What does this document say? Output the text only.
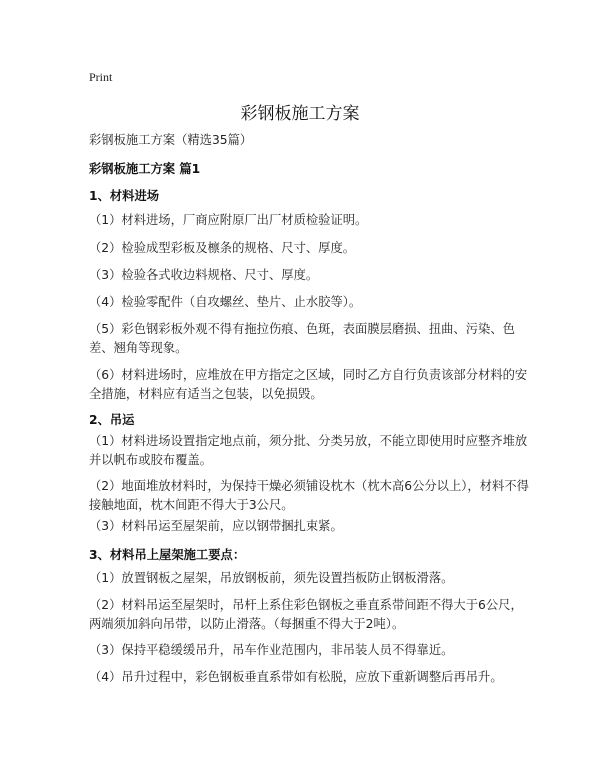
Print
彩钢板施工方案
彩钢板施工方案（精选35篇）
彩钢板施工方案 篇1
1、材料进场
（1）材料进场，厂商应附原厂出厂材质检验证明。
（2）检验成型彩板及檩条的规格、尺寸、厚度。
（3）检验各式收边料规格、尺寸、厚度。
（4）检验零配件（自攻螺丝、垫片、止水胶等）。
（5）彩色钢彩板外观不得有拖拉伤痕、色斑，表面膜层磨损、扭曲、污染、色差、翘角等现象。
（6）材料进场时，应堆放在甲方指定之区域，同时乙方自行负责该部分材料的安全措施，材料应有适当之包装，以免损毁。
2、吊运
（1）材料进场设置指定地点前，须分批、分类另放，不能立即使用时应整齐堆放并以帆布或胶布覆盖。
（2）地面堆放材料时，为保持干燥必须铺设枕木（枕木高6公分以上），材料不得接触地面，枕木间距不得大于3公尺。
（3）材料吊运至屋架前，应以钢带捆扎束紧。
3、材料吊上屋架施工要点：
（1）放置钢板之屋架，吊放钢板前，须先设置挡板防止钢板滑落。
（2）材料吊运至屋架时，吊杆上系住彩色钢板之垂直系带间距不得大于6公尺，两端须加斜向吊带，以防止滑落。（每捆重不得大于2吨）。
（3）保持平稳缓缓吊升，吊车作业范围内，非吊装人员不得靠近。
（4）吊升过程中，彩色钢板垂直系带如有松脱，应放下重新调整后再吊升。
